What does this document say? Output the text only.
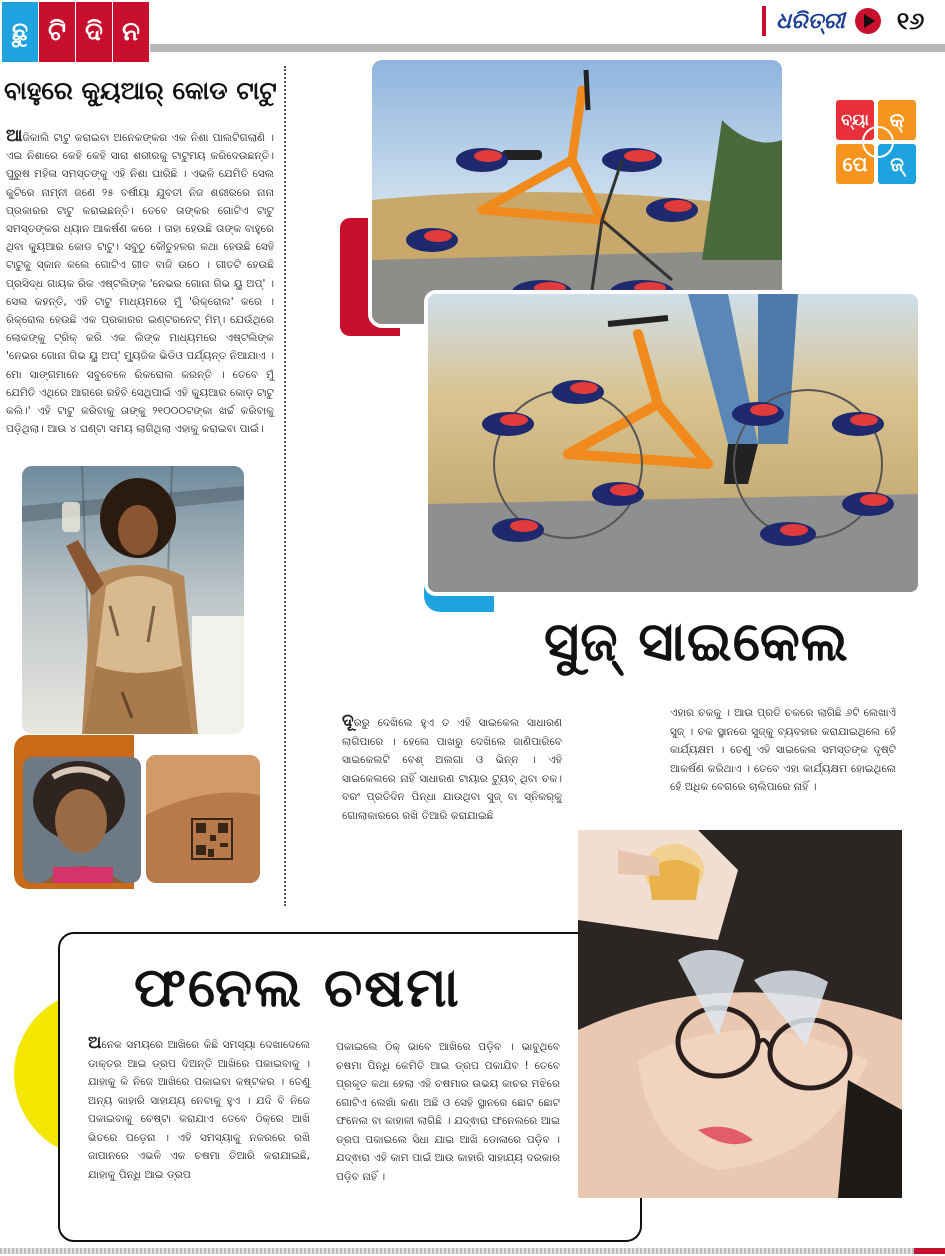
ଛୁ ଟି ଦି ନ	ଧରିତ୍ରୀ ୧୬
ବ୍ୟା	କ୍
ପେ	ଜ୍
ବାହୁରେ କ୍ୟୁଆର୍‌ କୋଡ ଟାଟୁ
ଆଜିକାଲି ଟାଟୁ କରାଇବା ଅନେକଙ୍କର ଏକ ନିଶା ପାଲଟିଗଲାଣି । ଏଇ ନିଶାରେ କେହି କେହି ସାରା ଶରୀରକୁ ଟାଟୁମୟ କରିଦେଉଛନ୍ତି। ପୁରୁଷ ମହିଳା ସମସ୍ତଙ୍କୁ ଏହି ନିଶା ଘାରିଛି । ଏଭଳି ଯେମିତି ସେଲ କୁଟିରେ ନାମ୍ନୀ ଜଣେ ୨୫ ବର୍ଷୀୟା ଯୁବତୀ ନିଜ ଶରୀରରେ ନାନା ପ୍ରକାରର ଟାଟୁ କରାଇଛନ୍ତି। ତେବେ ତାଙ୍କର ଗୋଟିଏ ଟାଟୁ ସମସ୍ତଙ୍କର ଧ୍ୟାନ ଆକର୍ଷଣ କରେ । ତାହା ହେଉଛି ତାଙ୍କ ବାହୁରେ ଥିବା କ୍ୟୁଆର କୋଡ ଟାଟୁ। ସବୁଠୁ କୌତୁହଳର କଥା ହେଉଛି ସେହି ଟାଟୁକୁ ସ୍କାନ କଲେ ଗୋଟିଏ ଗୀତ ବାଜି ଉଠେ । ଗୀତଟି ହେଉଛି ପ୍ରସିଦ୍ଧ ଗାୟକ ରିକ ଏଷ୍ଟଲିଙ୍କ 'ନେଭର ଗୋନା ଗିଭ ୟୁ ଅପ୍‌' । ସେଲ କହନ୍ତି, ଏହି ଟାଟୁ ମାଧ୍ୟମରେ ମୁଁ 'ରିକ୍‌ରୋଲ' କରେ । ରିକ୍‌ରୋଲ ହେଉଛି ଏକ ପ୍ରକାରର ଇଣ୍ଟରନେଟ୍‌ ମିମ୍‌। ଯେଉଁଥିରେ ଲୋକଙ୍କୁ ଟ୍ରିକ୍ କରି ଏକ ଲିଙ୍କ ମାଧ୍ୟମରେ ଏଷ୍ଟଲିଙ୍କ 'ନେଭର ଗୋନା ଗିଭ ୟୁ ଅପ୍‌' ମ୍ୟୁଜିକ ଭିଡିଓ ପର୍ଯ୍ୟନ୍ତ ନିଆଯାଏ । ମୋ ସାଙ୍ଗମାନେ ସବୁବେଳେ ରିକରୋଲ କରନ୍ତି । ତେବେ ମୁଁ ଯେମିତି ଏଥିରେ ଆଗରେ ରହିବି ସେଥିପାଇଁ ଏହି କ୍ୟୁଆର କୋଡ଼ ଟାଟୁ କଲି।' ଏହି ଟାଟୁ କରିବାକୁ ତାଙ୍କୁ ୨୧୦୦୦ଟଙ୍କା ଖର୍ଚ୍ଚ କରିବାକୁ ପଡ଼ିଥିଲା। ଆଉ ୪ ଘଣ୍ଟା ସମୟ ଲାଗିଥିଲା ଏହାକୁ କରାଇବା ପାଇଁ।
ସୁଜ୍‌ ସାଇକେଲ
ଦୂରରୁ ଦେଖିଲେ ହୁଏ ତ ଏହି ସାଇକେଲ ସାଧାରଣ ଲାଗିପାରେ । ହେଲେ ପାଖରୁ ଦେଖିଲେ ଜାଣିପାରିବେ ସାଇକେଲଟି ବେଶ୍‌ ଅଲଗା ଓ ଭିନ୍ନ । ଏହି ସାଇକେଲରେ ନାହିଁ ସାଧାରଣ ଟାୟାର ଟ୍ୟୁବ୍‌ ଥିବା ଚକ। ବରଂ ପ୍ରତିଦିନ ପିନ୍ଧା ଯାଉଥିବା ସୁଜ୍‌ ବା ସ୍ନିକର୍‌କୁ ଗୋଲାକାରରେ ରଖି ତିଆରି କରାଯାଇଛି
ଏହାର ଚକକୁ । ଆଉ ପ୍ରତି ଚକରେ ଲାଗିଛି ୬ଟି ଲେଖାଏଁ ସୁଜ୍‌ । ଚକ ସ୍ଥାନରେ ସୁଜ୍‌କୁ ବ୍ୟବହାର କରାଯାଇଥିଲେ ହେଁ କାର୍ଯ୍ୟକ୍ଷମ । ତେଣୁ ଏହି ସାଇକେଲ ସମସ୍ତଙ୍କ ଦୃଷ୍ଟି ଆକର୍ଷଣ କରିଥାଏ । ତେବେ ଏହା କାର୍ଯ୍ୟକ୍ଷମ ହୋଇଥିଲେ ହେଁ ଅଧିକ ବେଗରେ ଚାଲିପାରେ ନାହିଁ ।
ଫନେଲ ଚଷମା
ଅନେକ ସମୟରେ ଆଖିରେ କିଛି ସମସ୍ୟା ଦେଖାଦେଲେ ଡାକ୍ତର ଆଇ ଡ୍ରପ ଦିଅନ୍ତି ଆଖିରେ ପକାଇବାକୁ । ଯାହାକୁ କି ନିଜେ ଆଖିରେ ପକାଇବା କଷ୍ଟକର । ତେଣୁ ଅନ୍ୟ କାହାରି ସାହାଯ୍ୟ ନେବାକୁ ହୁଏ । ଯଦି ବି ନିଜେ ପକାଇବାକୁ ଚେଷ୍ଟା କରାଯାଏ ତେବେ ଠିକ୍‌ରେ ଆଖି ଭିତରେ ପଡ଼େନା । ଏହି ସମସ୍ୟାକୁ ନଜରରେ ରଖି ଜାପାନରେ ଏଭଳି ଏକ ଚଷମା ତିଆରି କରାଯାଇଛି, ଯାହାକୁ ପିନ୍ଧି ଆଇ ଡ୍ରପ
ପକାଇଲେ ଠିକ୍‌ ଭାବେ ଆଖିରେ ପଡ଼ିବ । ଭାବୁଥିବେ ଚଷମା ପିନ୍ଧି କେମିତି ଆଇ ଡ୍ରପ ପକାଯିବ ! ତେବେ ପ୍ରକୃତ କଥା ହେଲା ଏହି ଚଷମାର ଉଭୟ କାଚର ମଝିରେ ଗୋଟିଏ ଲେଖାଁ କଣା ଅଛି ଓ ସେହି ସ୍ଥାନରେ ଛୋଟ ଛୋଟ ଫନେଲ ବା କାହାଳୀ ଲାଗିଛି । ଯଦ୍ଵାରା ଫନେଲରେ ଆଇ ଡ୍ରପ ପକାଇଲେ ସିଧା ଯାଇ ଆଖି ଡୋଳାରେ ପଡ଼ିବ । ଯଦ୍ଵାରା ଏହି କାମ ପାଇଁ ଆଉ କାହାରି ସାହାଯ୍ୟ ଦରକାର ପଡ଼ିବ ନାହିଁ ।
